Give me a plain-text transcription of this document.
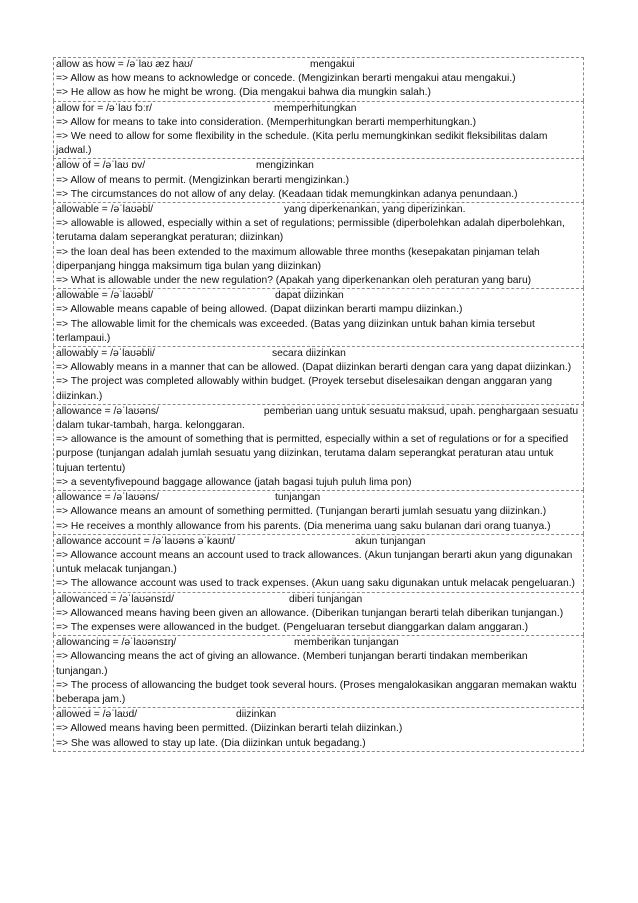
allow as how = /əˈlaʊ æz haʊ/	mengakui
=> Allow as how means to acknowledge or concede. (Mengizinkan berarti mengakui atau mengakui.)
=> He allow as how he might be wrong. (Dia mengakui bahwa dia mungkin salah.)
allow for = /əˈlaʊ fɔːr/	memperhitungkan
=> Allow for means to take into consideration. (Memperhitungkan berarti memperhitungkan.)
=> We need to allow for some flexibility in the schedule. (Kita perlu memungkinkan sedikit fleksibilitas dalam jadwal.)
allow of = /əˈlaʊ ɒv/	mengizinkan
=> Allow of means to permit. (Mengizinkan berarti mengizinkan.)
=> The circumstances do not allow of any delay. (Keadaan tidak memungkinkan adanya penundaan.)
allowable = /əˈlaʊəbl/	yang diperkenankan, yang diperizinkan.
=> allowable is allowed, especially within a set of regulations; permissible (diperbolehkan adalah diperbolehkan, terutama dalam seperangkat peraturan; diizinkan)
=> the loan deal has been extended to the maximum allowable three months (kesepakatan pinjaman telah diperpanjang hingga maksimum tiga bulan yang diizinkan)
=> What is allowable under the new regulation? (Apakah yang diperkenankan oleh peraturan yang baru)
allowable = /əˈlaʊəbl/	dapat diizinkan
=> Allowable means capable of being allowed. (Dapat diizinkan berarti mampu diizinkan.)
=> The allowable limit for the chemicals was exceeded. (Batas yang diizinkan untuk bahan kimia tersebut terlampaui.)
allowably = /əˈlaʊəbli/	secara diizinkan
=> Allowably means in a manner that can be allowed. (Dapat diizinkan berarti dengan cara yang dapat diizinkan.)
=> The project was completed allowably within budget. (Proyek tersebut diselesaikan dengan anggaran yang diizinkan.)
allowance = /əˈlaʊəns/	pemberian uang untuk sesuatu maksud, upah. penghargaan sesuatu dalam tukar-tambah, harga. kelonggaran.
=> allowance is the amount of something that is permitted, especially within a set of regulations or for a specified purpose (tunjangan adalah jumlah sesuatu yang diizinkan, terutama dalam seperangkat peraturan atau untuk tujuan tertentu)
=> a seventyfivepound baggage allowance (jatah bagasi tujuh puluh lima pon)
allowance = /əˈlaʊəns/	tunjangan
=> Allowance means an amount of something permitted. (Tunjangan berarti jumlah sesuatu yang diizinkan.)
=> He receives a monthly allowance from his parents. (Dia menerima uang saku bulanan dari orang tuanya.)
allowance account = /əˈlaʊəns əˈkaʊnt/	akun tunjangan
=> Allowance account means an account used to track allowances. (Akun tunjangan berarti akun yang digunakan untuk melacak tunjangan.)
=> The allowance account was used to track expenses. (Akun uang saku digunakan untuk melacak pengeluaran.)
allowanced = /əˈlaʊənsɪd/	diberi tunjangan
=> Allowanced means having been given an allowance. (Diberikan tunjangan berarti telah diberikan tunjangan.)
=> The expenses were allowanced in the budget. (Pengeluaran tersebut dianggarkan dalam anggaran.)
allowancing = /əˈlaʊənsɪŋ/	memberikan tunjangan
=> Allowancing means the act of giving an allowance. (Memberi tunjangan berarti tindakan memberikan tunjangan.)
=> The process of allowancing the budget took several hours. (Proses mengalokasikan anggaran memakan waktu beberapa jam.)
allowed = /əˈlaʊd/	diizinkan
=> Allowed means having been permitted. (Diizinkan berarti telah diizinkan.)
=> She was allowed to stay up late. (Dia diizinkan untuk begadang.)
